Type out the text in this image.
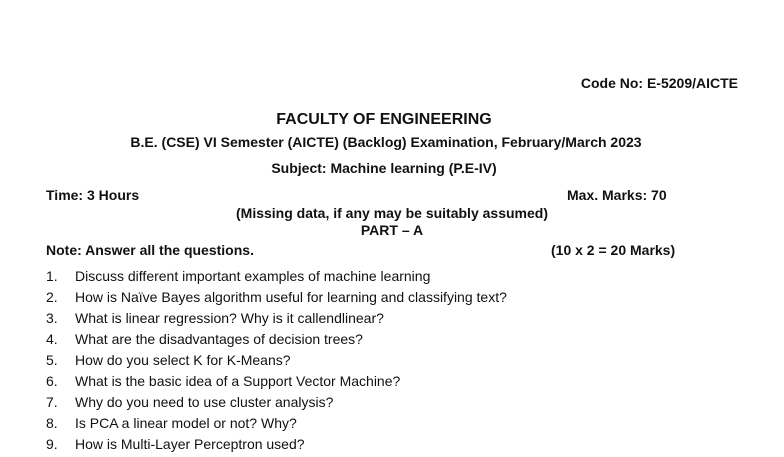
Code No: E-5209/AICTE
FACULTY OF ENGINEERING
B.E. (CSE) VI Semester (AICTE) (Backlog) Examination, February/March 2023
Subject: Machine learning (P.E-IV)
Time: 3 Hours	Max. Marks: 70
(Missing data, if any may be suitably assumed)
PART – A
Note: Answer all the questions.	(10 x 2 = 20 Marks)
1.	Discuss different important examples of machine learning
2.	How is Naïve Bayes algorithm useful for learning and classifying text?
3.	What is linear regression? Why is it callendlinear?
4.	What are the disadvantages of decision trees?
5.	How do you select K for K-Means?
6.	What is the basic idea of a Support Vector Machine?
7.	Why do you need to use cluster analysis?
8.	Is PCA a linear model or not? Why?
9.	How is Multi-Layer Perceptron used?
